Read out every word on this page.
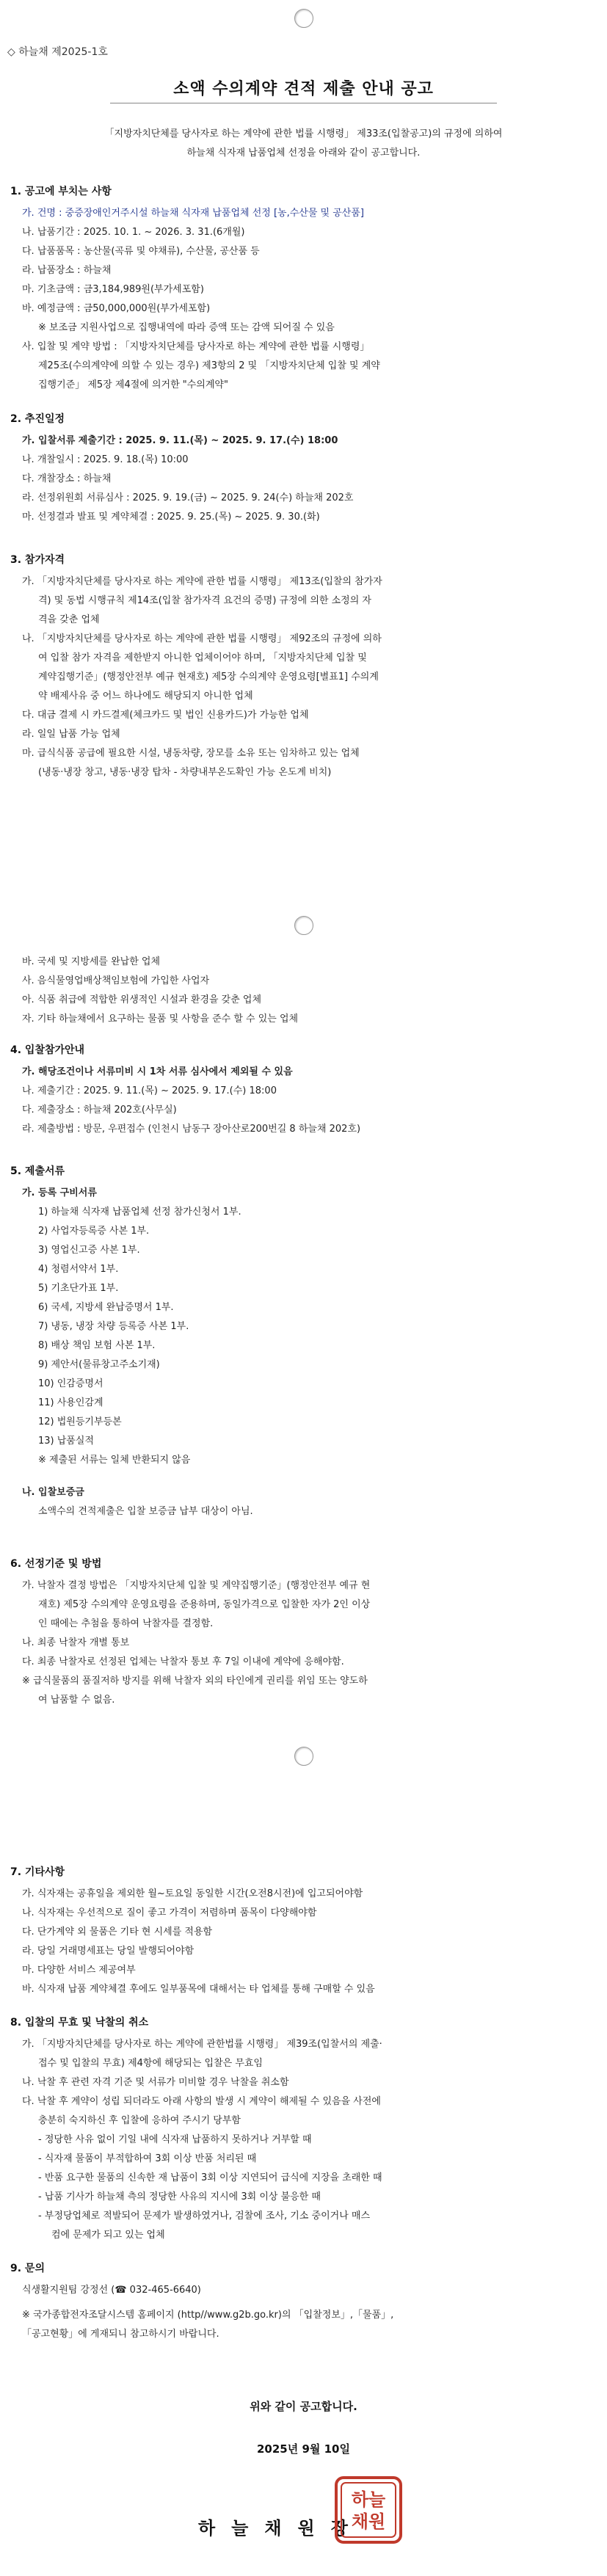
◇ 하늘채 제2025-1호
소액 수의계약 견적 제출 안내 공고
「지방자치단체를 당사자로 하는 계약에 관한 법률 시행령」 제33조(입찰공고)의 규정에 의하여
하늘채 식자재 납품업체 선정을 아래와 같이 공고합니다.
1. 공고에 부치는 사항
가. 건명 : 중증장애인거주시설 하늘채 식자재 납품업체 선정 [농,수산물 및 공산품]
나. 납품기간 : 2025. 10. 1. ~ 2026. 3. 31.(6개월)
다. 납품품목 : 농산물(곡류 및 야채류), 수산물, 공산품 등
라. 납품장소 : 하늘채
마. 기초금액 : 금3,184,989원(부가세포함)
바. 예정금액 : 금50,000,000원(부가세포함)
※ 보조금 지원사업으로 집행내역에 따라 증액 또는 감액 되어질 수 있음
사. 입찰 및 계약 방법 : 「지방자치단체를 당사자로 하는 계약에 관한 법률 시행령」
제25조(수의계약에 의할 수 있는 경우) 제3항의 2 및 「지방자치단체 입찰 및 계약
집행기준」 제5장 제4절에 의거한 "수의계약"
2. 추진일정
가. 입찰서류 제출기간 : 2025. 9. 11.(목) ~ 2025. 9. 17.(수) 18:00
나. 개찰일시 : 2025. 9. 18.(목) 10:00
다. 개찰장소 : 하늘채
라. 선정위원회 서류심사 : 2025. 9. 19.(금) ~ 2025. 9. 24(수) 하늘채 202호
마. 선정결과 발표 및 계약체결 : 2025. 9. 25.(목) ~ 2025. 9. 30.(화)
3. 참가자격
가. 「지방자치단체를 당사자로 하는 계약에 관한 법률 시행령」 제13조(입찰의 참가자
격) 및 동법 시행규칙 제14조(입찰 참가자격 요건의 증명) 규정에 의한 소정의 자
격을 갖춘 업체
나. 「지방자치단체를 당사자로 하는 계약에 관한 법률 시행령」 제92조의 규정에 의하
여 입찰 참가 자격을 제한받지 아니한 업체이어야 하며, 「지방자치단체 입찰 및
계약집행기준」(행정안전부 예규 현재호) 제5장 수의계약 운영요령[별표1] 수의계
약 배제사유 중 어느 하나에도 해당되지 아니한 업체
다. 대금 결제 시 카드결제(체크카드 및 법인 신용카드)가 가능한 업체
라. 일일 납품 가능 업체
마. 급식식품 공급에 필요한 시설, 냉동차량, 장모를 소유 또는 임차하고 있는 업체
(냉동·냉장 창고, 냉동·냉장 탑차 - 차량내부온도확인 가능 온도계 비치)
바. 국세 및 지방세를 완납한 업체
사. 음식물영업배상책임보험에 가입한 사업자
아. 식품 취급에 적합한 위생적인 시설과 환경을 갖춘 업체
자. 기타 하늘채에서 요구하는 물품 및 사항을 준수 할 수 있는 업체
4. 입찰참가안내
가. 해당조건이나 서류미비 시 1차 서류 심사에서 제외될 수 있음
나. 제출기간 : 2025. 9. 11.(목) ~ 2025. 9. 17.(수) 18:00
다. 제출장소 : 하늘채 202호(사무실)
라. 제출방법 : 방문, 우편접수 (인천시 남동구 장아산로200번길 8 하늘채 202호)
5. 제출서류
가. 등록 구비서류
1) 하늘채 식자재 납품업체 선정 참가신청서 1부.
2) 사업자등록증 사본 1부.
3) 영업신고증 사본 1부.
4) 청렴서약서 1부.
5) 기초단가표 1부.
6) 국세, 지방세 완납증명서 1부.
7) 냉동, 냉장 차량 등록증 사본 1부.
8) 배상 책임 보험 사본 1부.
9) 제안서(물류창고주소기재)
10) 인감증명서
11) 사용인감계
12) 법원등기부등본
13) 납품실적
※ 제출된 서류는 일체 반환되지 않음
나. 입찰보증금
소액수의 견적제출은 입찰 보증금 납부 대상이 아님.
6. 선정기준 및 방법
가. 낙찰자 결정 방법은 「지방자치단체 입찰 및 계약집행기준」(행정안전부 예규 현
재호) 제5장 수의계약 운영요령을 준용하며, 동일가격으로 입찰한 자가 2인 이상
인 때에는 추첨을 통하여 낙찰자를 결정함.
나. 최종 낙찰자 개별 통보
다. 최종 낙찰자로 선정된 업체는 낙찰자 통보 후 7일 이내에 계약에 응해야함.
※ 급식물품의 품질저하 방지를 위해 낙찰자 외의 타인에게 권리를 위임 또는 양도하
여 납품할 수 없음.
7. 기타사항
가. 식자재는 공휴일을 제외한 월~토요일 동일한 시간(오전8시전)에 입고되어야함
나. 식자재는 우선적으로 질이 좋고 가격이 저렴하며 품목이 다양해야함
다. 단가계약 외 물품은 기타 현 시세를 적용함
라. 당일 거래명세표는 당일 발행되어야함
마. 다양한 서비스 제공여부
바. 식자재 납품 계약체결 후에도 일부품목에 대해서는 타 업체를 통해 구매할 수 있음
8. 입찰의 무효 및 낙찰의 취소
가. 「지방자치단체를 당사자로 하는 계약에 관한법률 시행령」 제39조(입찰서의 제출·
접수 및 입찰의 무효) 제4항에 해당되는 입찰은 무효임
나. 낙찰 후 관련 자격 기준 및 서류가 미비할 경우 낙찰을 취소함
다. 낙찰 후 계약이 성립 되더라도 아래 사항의 발생 시 계약이 해제될 수 있음을 사전에
충분히 숙지하신 후 입찰에 응하여 주시기 당부함
- 정당한 사유 없이 기일 내에 식자재 납품하지 못하거나 거부할 때
- 식자재 물품이 부적합하여 3회 이상 반품 처리된 때
- 반품 요구한 물품의 신속한 재 납품이 3회 이상 지연되어 급식에 지장을 초래한 때
- 납품 기사가 하늘채 측의 정당한 사유의 지시에 3회 이상 불응한 때
- 부정당업체로 적발되어 문제가 발생하였거나, 검찰에 조사, 기소 중이거나 매스
컴에 문제가 되고 있는 업체
9. 문의
식생활지원팀 강정선 (☎ 032-465-6640)
※ 국가종합전자조달시스템 홈페이지 (http//www.g2b.go.kr)의 「입찰정보」,「물품」,
「공고현황」에 게재되니 참고하시기 바랍니다.
위와 같이 공고합니다.
2025년 9월 10일
하늘채원장
하늘
채원
